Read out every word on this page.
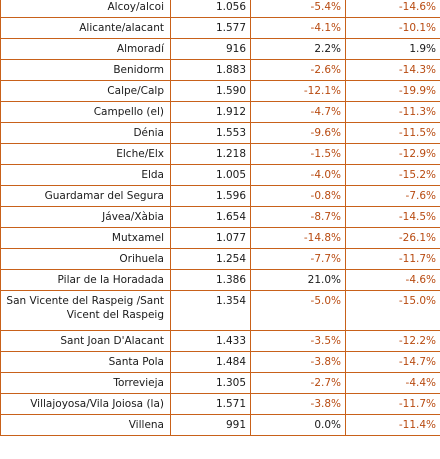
Alcoy/alcoi	1.056	-5.4%	-14.6%
Alicante/alacant	1.577	-4.1%	-10.1%
Almoradí	916	2.2%	1.9%
Benidorm	1.883	-2.6%	-14.3%
Calpe/Calp	1.590	-12.1%	-19.9%
Campello (el)	1.912	-4.7%	-11.3%
Dénia	1.553	-9.6%	-11.5%
Elche/Elx	1.218	-1.5%	-12.9%
Elda	1.005	-4.0%	-15.2%
Guardamar del Segura	1.596	-0.8%	-7.6%
Jávea/Xàbia	1.654	-8.7%	-14.5%
Mutxamel	1.077	-14.8%	-26.1%
Orihuela	1.254	-7.7%	-11.7%
Pilar de la Horadada	1.386	21.0%	-4.6%
San Vicente del Raspeig /Sant Vicent del Raspeig	1.354	-5.0%	-15.0%
Sant Joan D'Alacant	1.433	-3.5%	-12.2%
Santa Pola	1.484	-3.8%	-14.7%
Torrevieja	1.305	-2.7%	-4.4%
Villajoyosa/Vila Joiosa (la)	1.571	-3.8%	-11.7%
Villena	991	0.0%	-11.4%
